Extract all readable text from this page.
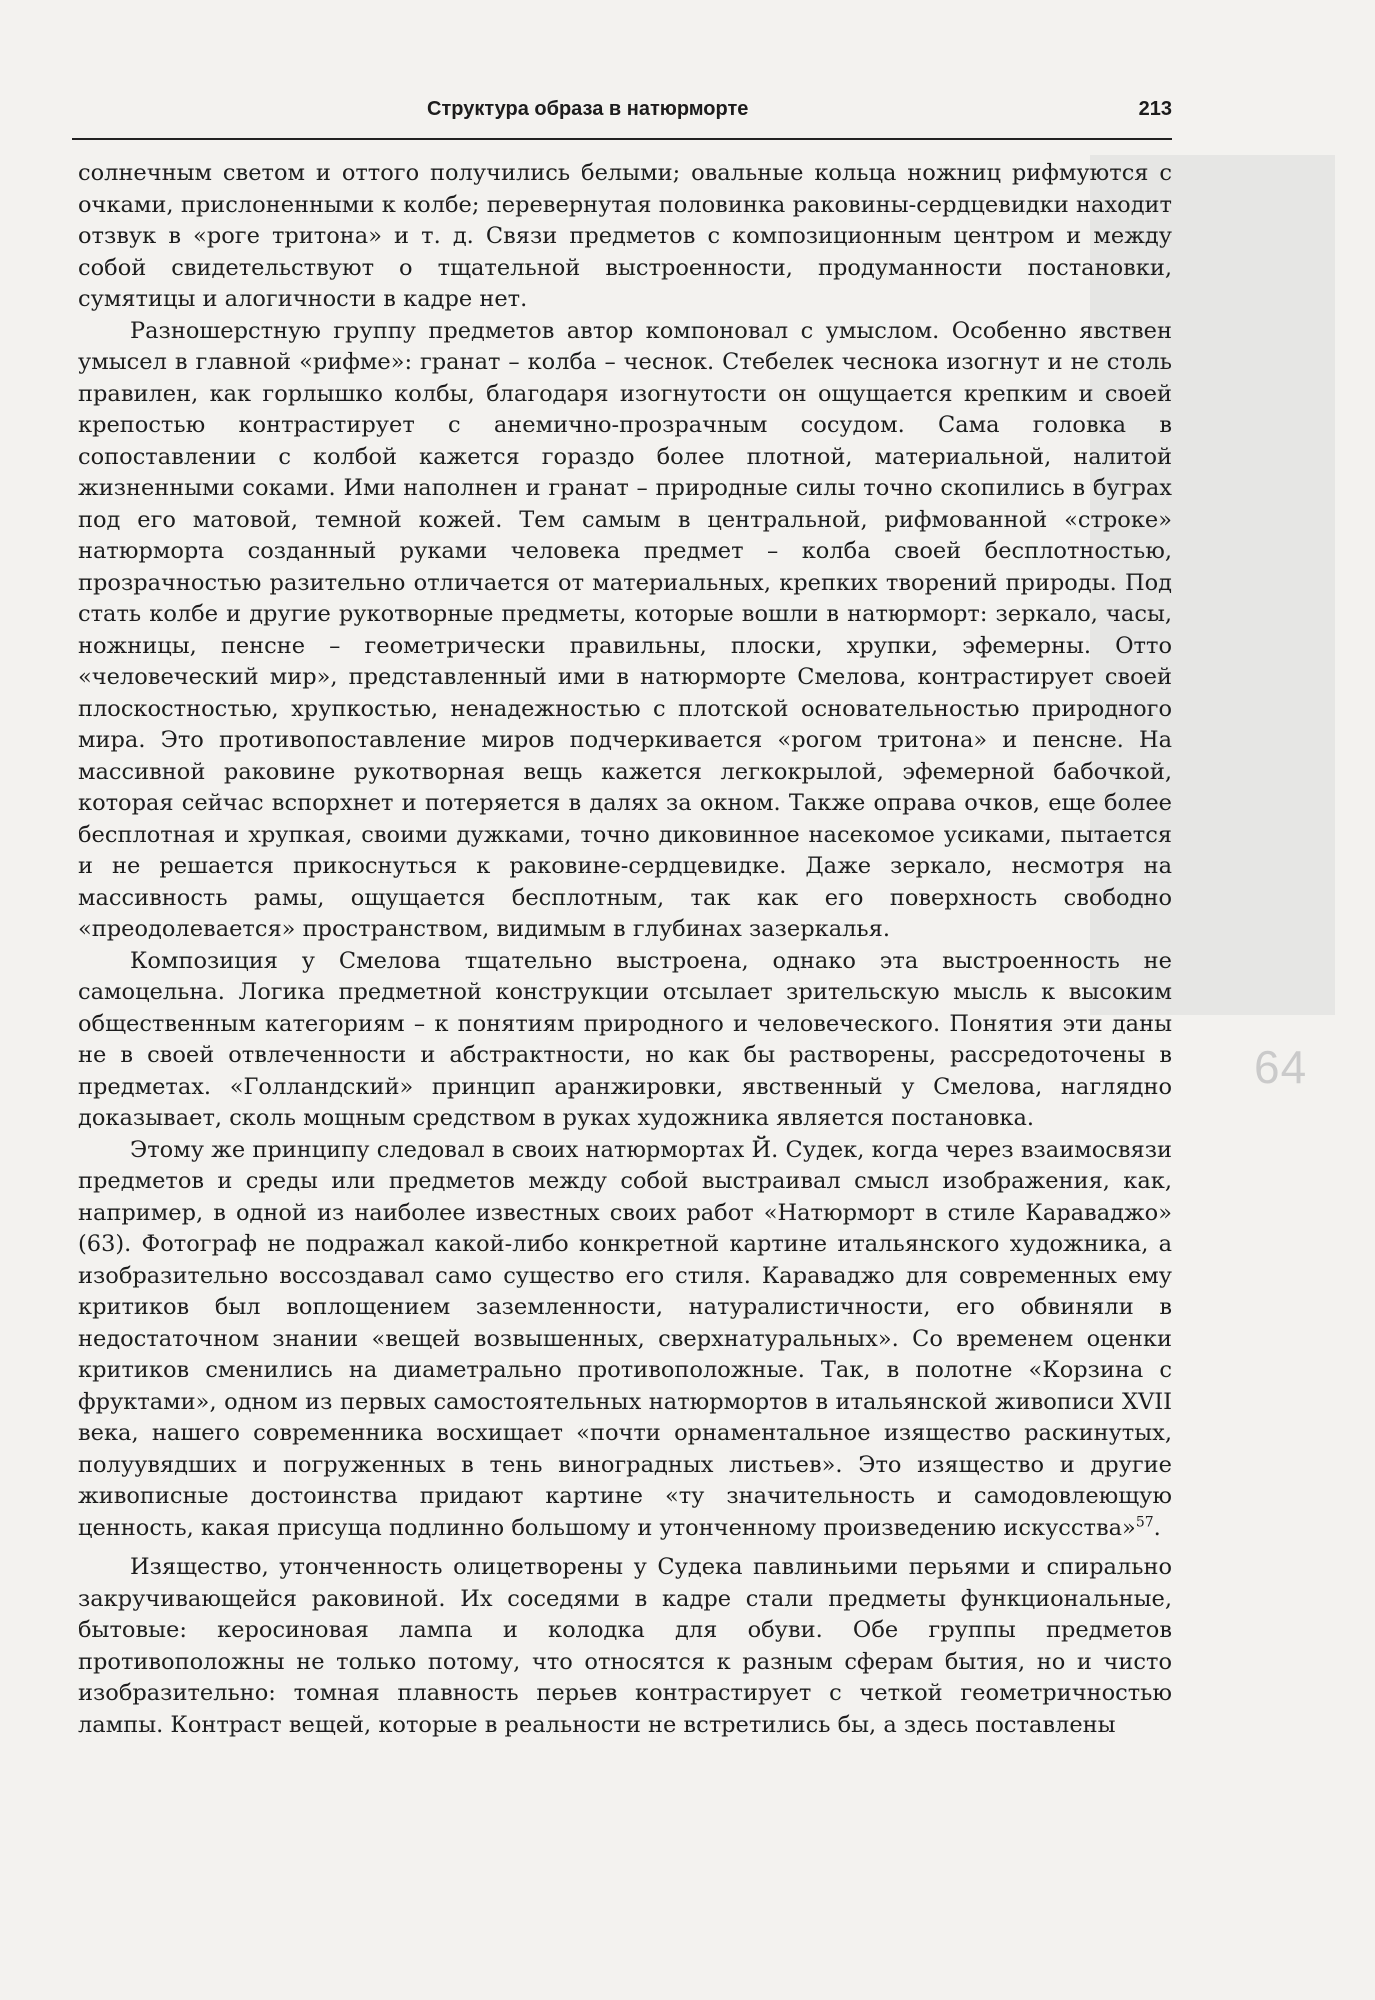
64
Структура образа в натюрморте	213

солнечным светом и оттого получились белыми; овальные кольца ножниц рифмуются с очками, прислоненными к колбе; перевернутая половинка раковины-сердцевидки находит отзвук в «роге тритона» и т. д. Связи предметов с композиционным центром и между собой свидетельствуют о тщательной выстроенности, продуманности постановки, сумятицы и алогичности в кадре нет.

Разношерстную группу предметов автор компоновал с умыслом. Особенно явствен умысел в главной «рифме»: гранат – колба – чеснок. Стебелек чеснока изогнут и не столь правилен, как горлышко колбы, благодаря изогнутости он ощущается крепким и своей крепостью контрастирует с анемично-прозрачным сосудом. Сама головка в сопоставлении с колбой кажется гораздо более плотной, материальной, налитой жизненными соками. Ими наполнен и гранат – природные силы точно скопились в буграх под его матовой, темной кожей. Тем самым в центральной, рифмованной «строке» натюрморта созданный руками человека предмет – колба своей бесплотностью, прозрачностью разительно отличается от материальных, крепких творений природы. Под стать колбе и другие рукотворные предметы, которые вошли в натюрморт: зеркало, часы, ножницы, пенсне – геометрически правильны, плоски, хрупки, эфемерны. Отто «человеческий мир», представленный ими в натюрморте Смелова, контрастирует своей плоскостностью, хрупкостью, ненадежностью с плотской основательностью природного мира. Это противопоставление миров подчеркивается «рогом тритона» и пенсне. На массивной раковине рукотворная вещь кажется легкокрылой, эфемерной бабочкой, которая сейчас вспорхнет и потеряется в далях за окном. Также оправа очков, еще более бесплотная и хрупкая, своими дужками, точно диковинное насекомое усиками, пытается и не решается прикоснуться к раковине-сердцевидке. Даже зеркало, несмотря на массивность рамы, ощущается бесплотным, так как его поверхность свободно «преодолевается» пространством, видимым в глубинах зазеркалья.

Композиция у Смелова тщательно выстроена, однако эта выстроенность не самоцельна. Логика предметной конструкции отсылает зрительскую мысль к высоким общественным категориям – к понятиям природного и человеческого. Понятия эти даны не в своей отвлеченности и абстрактности, но как бы растворены, рассредоточены в предметах. «Голландский» принцип аранжировки, явственный у Смелова, наглядно доказывает, сколь мощным средством в руках художника является постановка.

Этому же принципу следовал в своих натюрмортах Й. Судек, когда через взаимосвязи предметов и среды или предметов между собой выстраивал смысл изображения, как, например, в одной из наиболее известных своих работ «Натюрморт в стиле Караваджо» (63). Фотограф не подражал какой-либо конкретной картине итальянского художника, а изобразительно воссоздавал само существо его стиля. Караваджо для современных ему критиков был воплощением заземленности, натуралистичности, его обвиняли в недостаточном знании «вещей возвышенных, сверхнатуральных». Со временем оценки критиков сменились на диаметрально противоположные. Так, в полотне «Корзина с фруктами», одном из первых самостоятельных натюрмортов в итальянской живописи XVII века, нашего современника восхищает «почти орнаментальное изящество раскинутых, полуувядших и погруженных в тень виноградных листьев». Это изящество и другие живописные достоинства придают картине «ту значительность и самодовлеющую ценность, какая присуща подлинно большому и утонченному произведению искусства»$^{57}$.

Изящество, утонченность олицетворены у Судека павлиньими перьями и спирально закручивающейся раковиной. Их соседями в кадре стали предметы функциональные, бытовые: керосиновая лампа и колодка для обуви. Обе группы предметов противоположны не только потому, что относятся к разным сферам бытия, но и чисто изобразительно: томная плавность перьев контрастирует с четкой геометричностью лампы. Контраст вещей, которые в реальности не встретились бы, а здесь поставлены
